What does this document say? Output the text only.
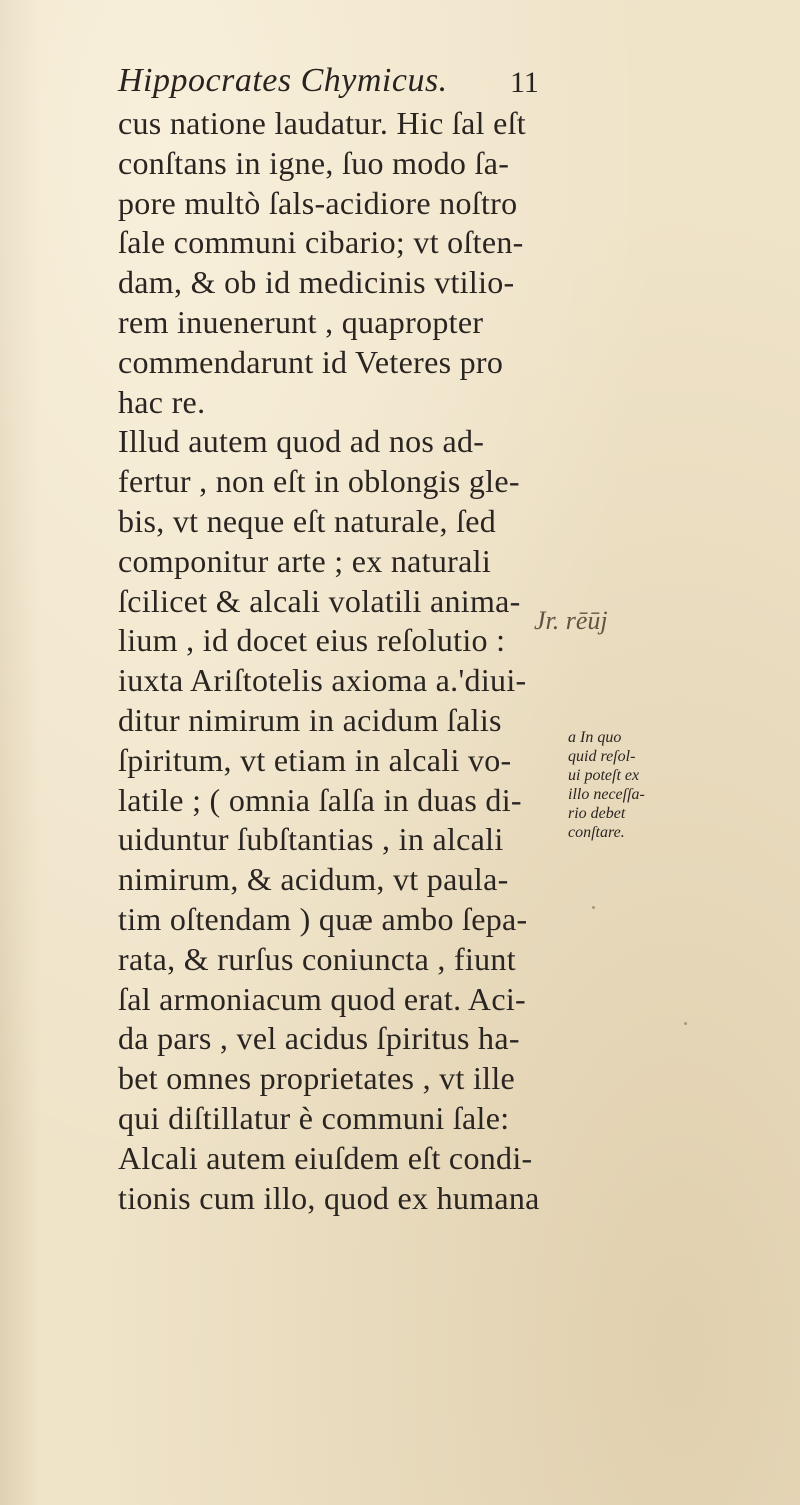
Hippocrates Chymicus. 11
cus natione laudatur. Hic ſal eſt
conſtans in igne, ſuo modo ſa-
pore multò ſals-acidiore noſtro
ſale communi cibario; vt oſten-
dam, & ob id medicinis vtilio-
rem inuenerunt , quapropter
commendarunt id Veteres pro
hac re.
Illud autem quod ad nos ad-
fertur , non eſt in oblongis gle-
bis, vt neque eſt naturale, ſed
componitur arte ; ex naturali
ſcilicet & alcali volatili anima-
lium , id docet eius reſolutio :
iuxta Ariſtotelis axioma a.'diui-
ditur nimirum in acidum ſalis
ſpiritum, vt etiam in alcali vo-
latile ; ( omnia ſalſa in duas di-
uiduntur ſubſtantias , in alcali
nimirum, & acidum, vt paula-
tim oſtendam ) quæ ambo ſepa-
rata, & rurſus coniuncta , fiunt
ſal armoniacum quod erat. Aci-
da pars , vel acidus ſpiritus ha-
bet omnes proprietates , vt ille
qui diſtillatur è communi ſale:
Alcali autem eiuſdem eſt condi-
tionis cum illo, quod ex humana
Jr. rēūj
a In quo
quid reſol-
ui poteſt ex
illo neceſſa-
rio debet
conſtare.
